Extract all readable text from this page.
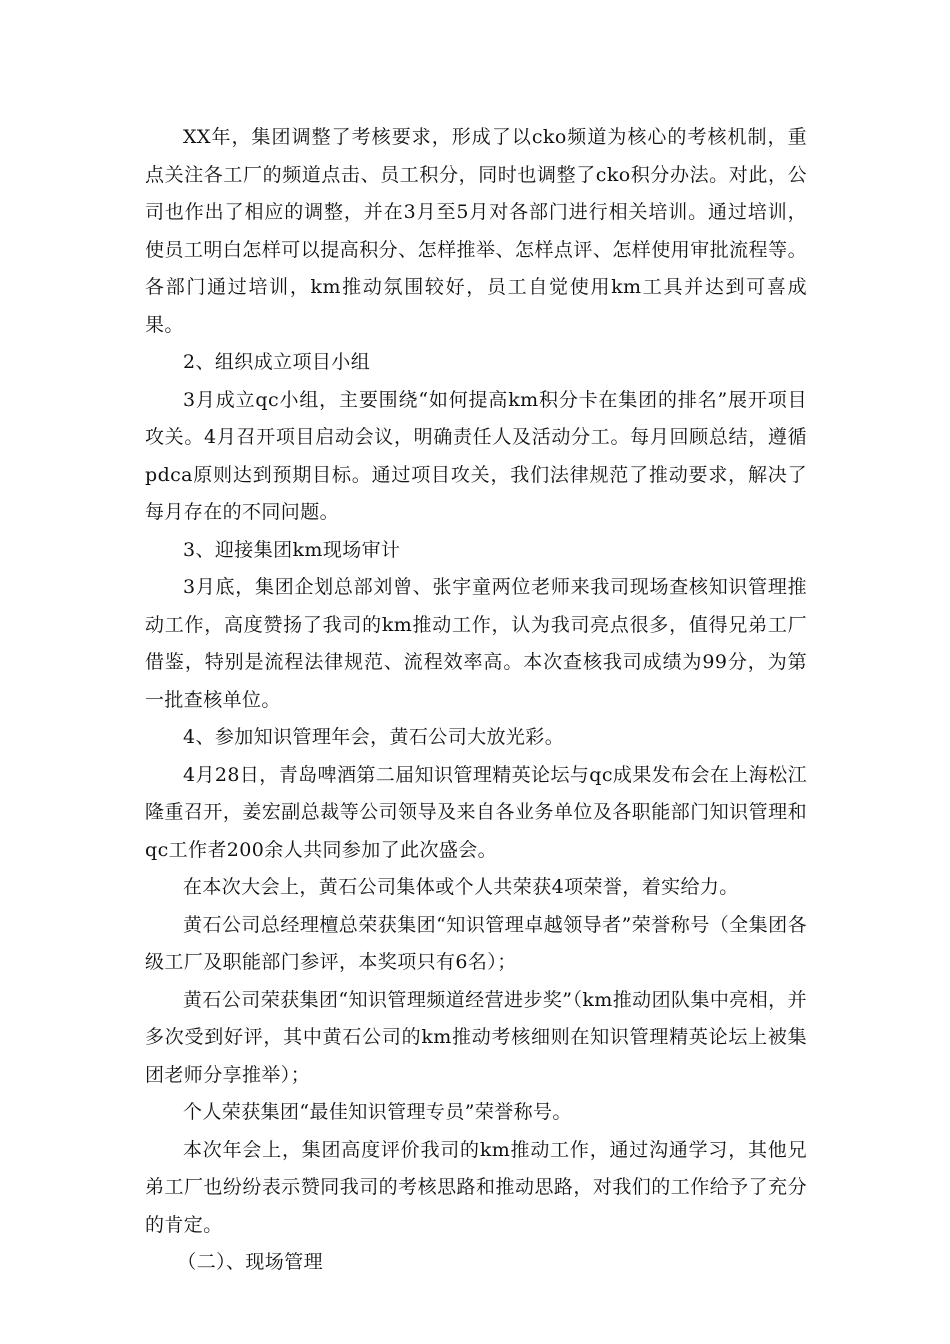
XX年，集团调整了考核要求，形成了以cko频道为核心的考核机制，重点关注各工厂的频道点击、员工积分，同时也调整了cko积分办法。对此，公司也作出了相应的调整，并在3月至5月对各部门进行相关培训。通过培训，使员工明白怎样可以提高积分、怎样推举、怎样点评、怎样使用审批流程等。各部门通过培训，km推动氛围较好，员工自觉使用km工具并达到可喜成果。

2、组织成立项目小组

3月成立qc小组，主要围绕“如何提高km积分卡在集团的排名”展开项目攻关。4月召开项目启动会议，明确责任人及活动分工。每月回顾总结，遵循pdca原则达到预期目标。通过项目攻关，我们法律规范了推动要求，解决了每月存在的不同问题。

3、迎接集团km现场审计

3月底，集团企划总部刘曾、张宇童两位老师来我司现场查核知识管理推动工作，高度赞扬了我司的km推动工作，认为我司亮点很多，值得兄弟工厂借鉴，特别是流程法律规范、流程效率高。本次查核我司成绩为99分，为第一批查核单位。

4、参加知识管理年会，黄石公司大放光彩。

4月28日，青岛啤酒第二届知识管理精英论坛与qc成果发布会在上海松江隆重召开，姜宏副总裁等公司领导及来自各业务单位及各职能部门知识管理和qc工作者200余人共同参加了此次盛会。

在本次大会上，黄石公司集体或个人共荣获4项荣誉，着实给力。

黄石公司总经理檀总荣获集团“知识管理卓越领导者”荣誉称号（全集团各级工厂及职能部门参评，本奖项只有6名）；

黄石公司荣获集团“知识管理频道经营进步奖”（km推动团队集中亮相，并多次受到好评，其中黄石公司的km推动考核细则在知识管理精英论坛上被集团老师分享推举）；

个人荣获集团“最佳知识管理专员”荣誉称号。

本次年会上，集团高度评价我司的km推动工作，通过沟通学习，其他兄弟工厂也纷纷表示赞同我司的考核思路和推动思路，对我们的工作给予了充分的肯定。

（二）、现场管理
